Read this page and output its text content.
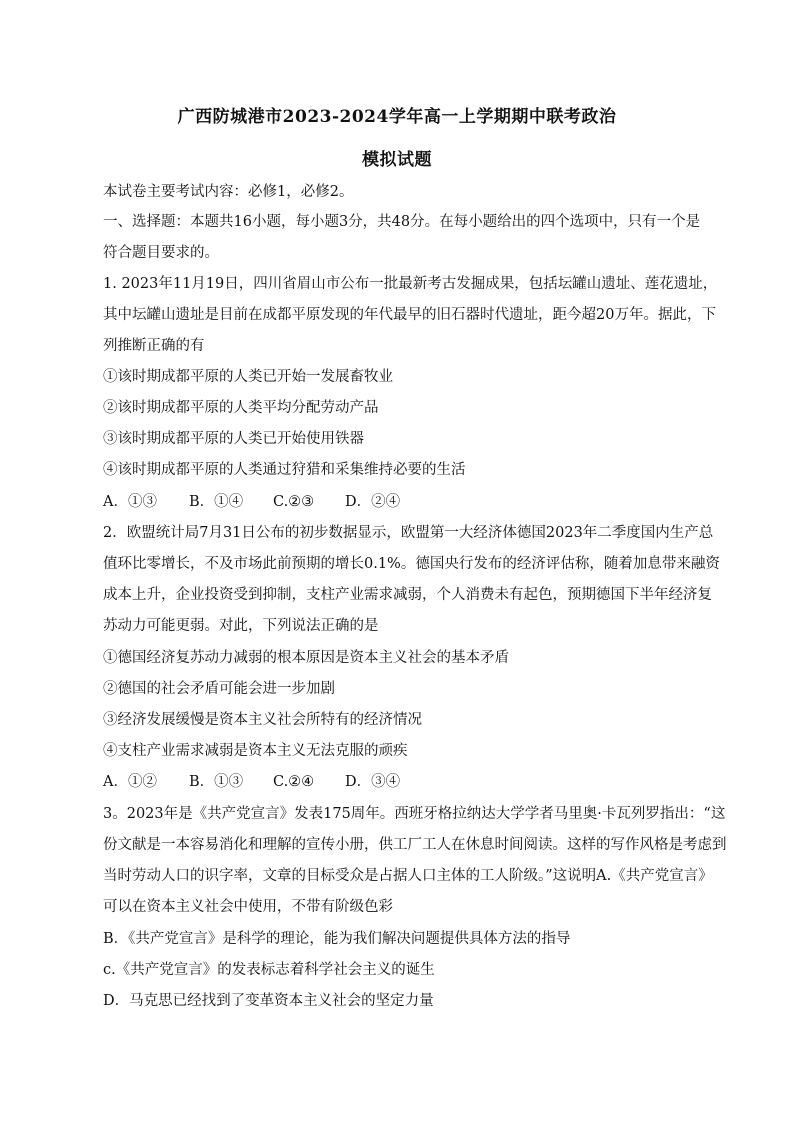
广西防城港市2023-2024学年高一上学期期中联考政治
模拟试题
本试卷主要考试内容：必修1，必修2。
一、选择题：本题共16小题，每小题3分，共48分。在每小题给出的四个选项中，只有一个是
符合题目要求的。
1. 2023年11月19日，四川省眉山市公布一批最新考古发掘成果，包括坛罐山遗址、莲花遗址，
其中坛罐山遗址是目前在成都平原发现的年代最早的旧石器时代遗址，距今超20万年。据此，下
列推断正确的有
①该时期成都平原的人类已开始一发展畜牧业
②该时期成都平原的人类平均分配劳动产品
③该时期成都平原的人类已开始使用铁器
④该时期成都平原的人类通过狩猎和采集维持必要的生活
A．①③ B．①④ C.②③ D．②④
2．欧盟统计局7月31日公布的初步数据显示，欧盟第一大经济体德国2023年二季度国内生产总
值环比零增长，不及市场此前预期的增长0.1%。德国央行发布的经济评估称，随着加息带来融资
成本上升，企业投资受到抑制，支柱产业需求减弱，个人消费未有起色，预期德国下半年经济复
苏动力可能更弱。对此，下列说法正确的是
①德国经济复苏动力减弱的根本原因是资本主义社会的基本矛盾
②德国的社会矛盾可能会进一步加剧
③经济发展缓慢是资本主义社会所特有的经济情况
④支柱产业需求减弱是资本主义无法克服的顽疾
A．①② B．①③ C.②④ D．③④
3。2023年是《共产党宣言》发表175周年。西班牙格拉纳达大学学者马里奥·卡瓦列罗指出：“这
份文献是一本容易消化和理解的宣传小册，供工厂工人在休息时间阅读。这样的写作风格是考虑到
当时劳动人口的识字率，文章的目标受众是占据人口主体的工人阶级。”这说明A.《共产党宣言》
可以在资本主义社会中使用，不带有阶级色彩
B．《共产党宣言》是科学的理论，能为我们解决问题提供具体方法的指导
c.《共产党宣言》的发表标志着科学社会主义的诞生
D．马克思已经找到了变革资本主义社会的坚定力量
